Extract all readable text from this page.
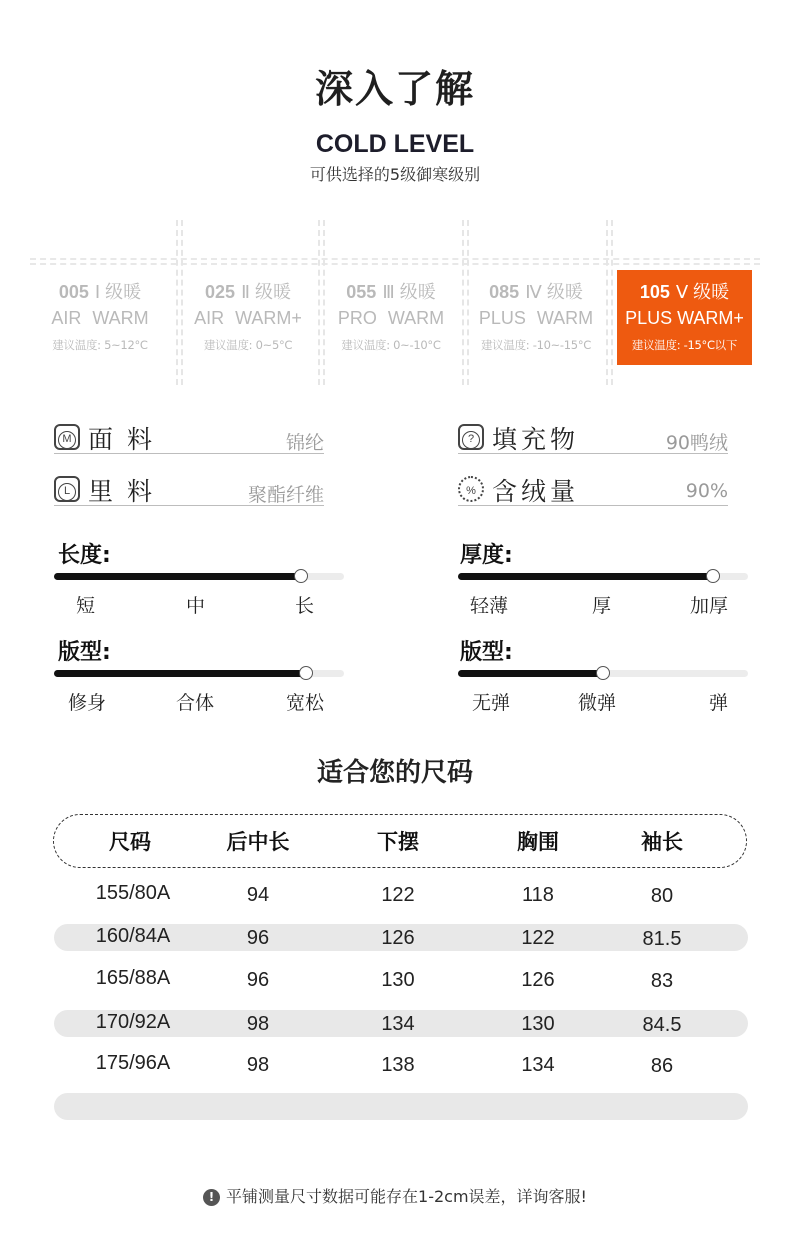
深入了解
COLD LEVEL
可供选择的5级御寒级别
005 Ⅰ 级暖
AIR WARM
建议温度: 5~12°C
025 Ⅱ 级暖
AIR WARM+
建议温度: 0~5°C
055 Ⅲ 级暖
PRO WARM
建议温度: 0~-10°C
085 Ⅳ 级暖
PLUS WARM
建议温度: -10~-15°C
105 Ⅴ 级暖
PLUS WARM+
建议温度: -15°C以下
M 面料	锦纶
L 里料	聚酯纤维
? 填充物	90鸭绒
% 含绒量	90%
长度:
短	中	长
厚度:
轻薄	厚	加厚
版型:
修身	合体	宽松
版型:
无弹	微弹	弹
适合您的尺码
尺码	后中长	下摆	胸围	袖长
155/80A	94	122	118	80
160/84A	96	126	122	81.5
165/88A	96	130	126	83
170/92A	98	134	130	84.5
175/96A	98	138	134	86
! 平铺测量尺寸数据可能存在1-2cm误差，详询客服!
